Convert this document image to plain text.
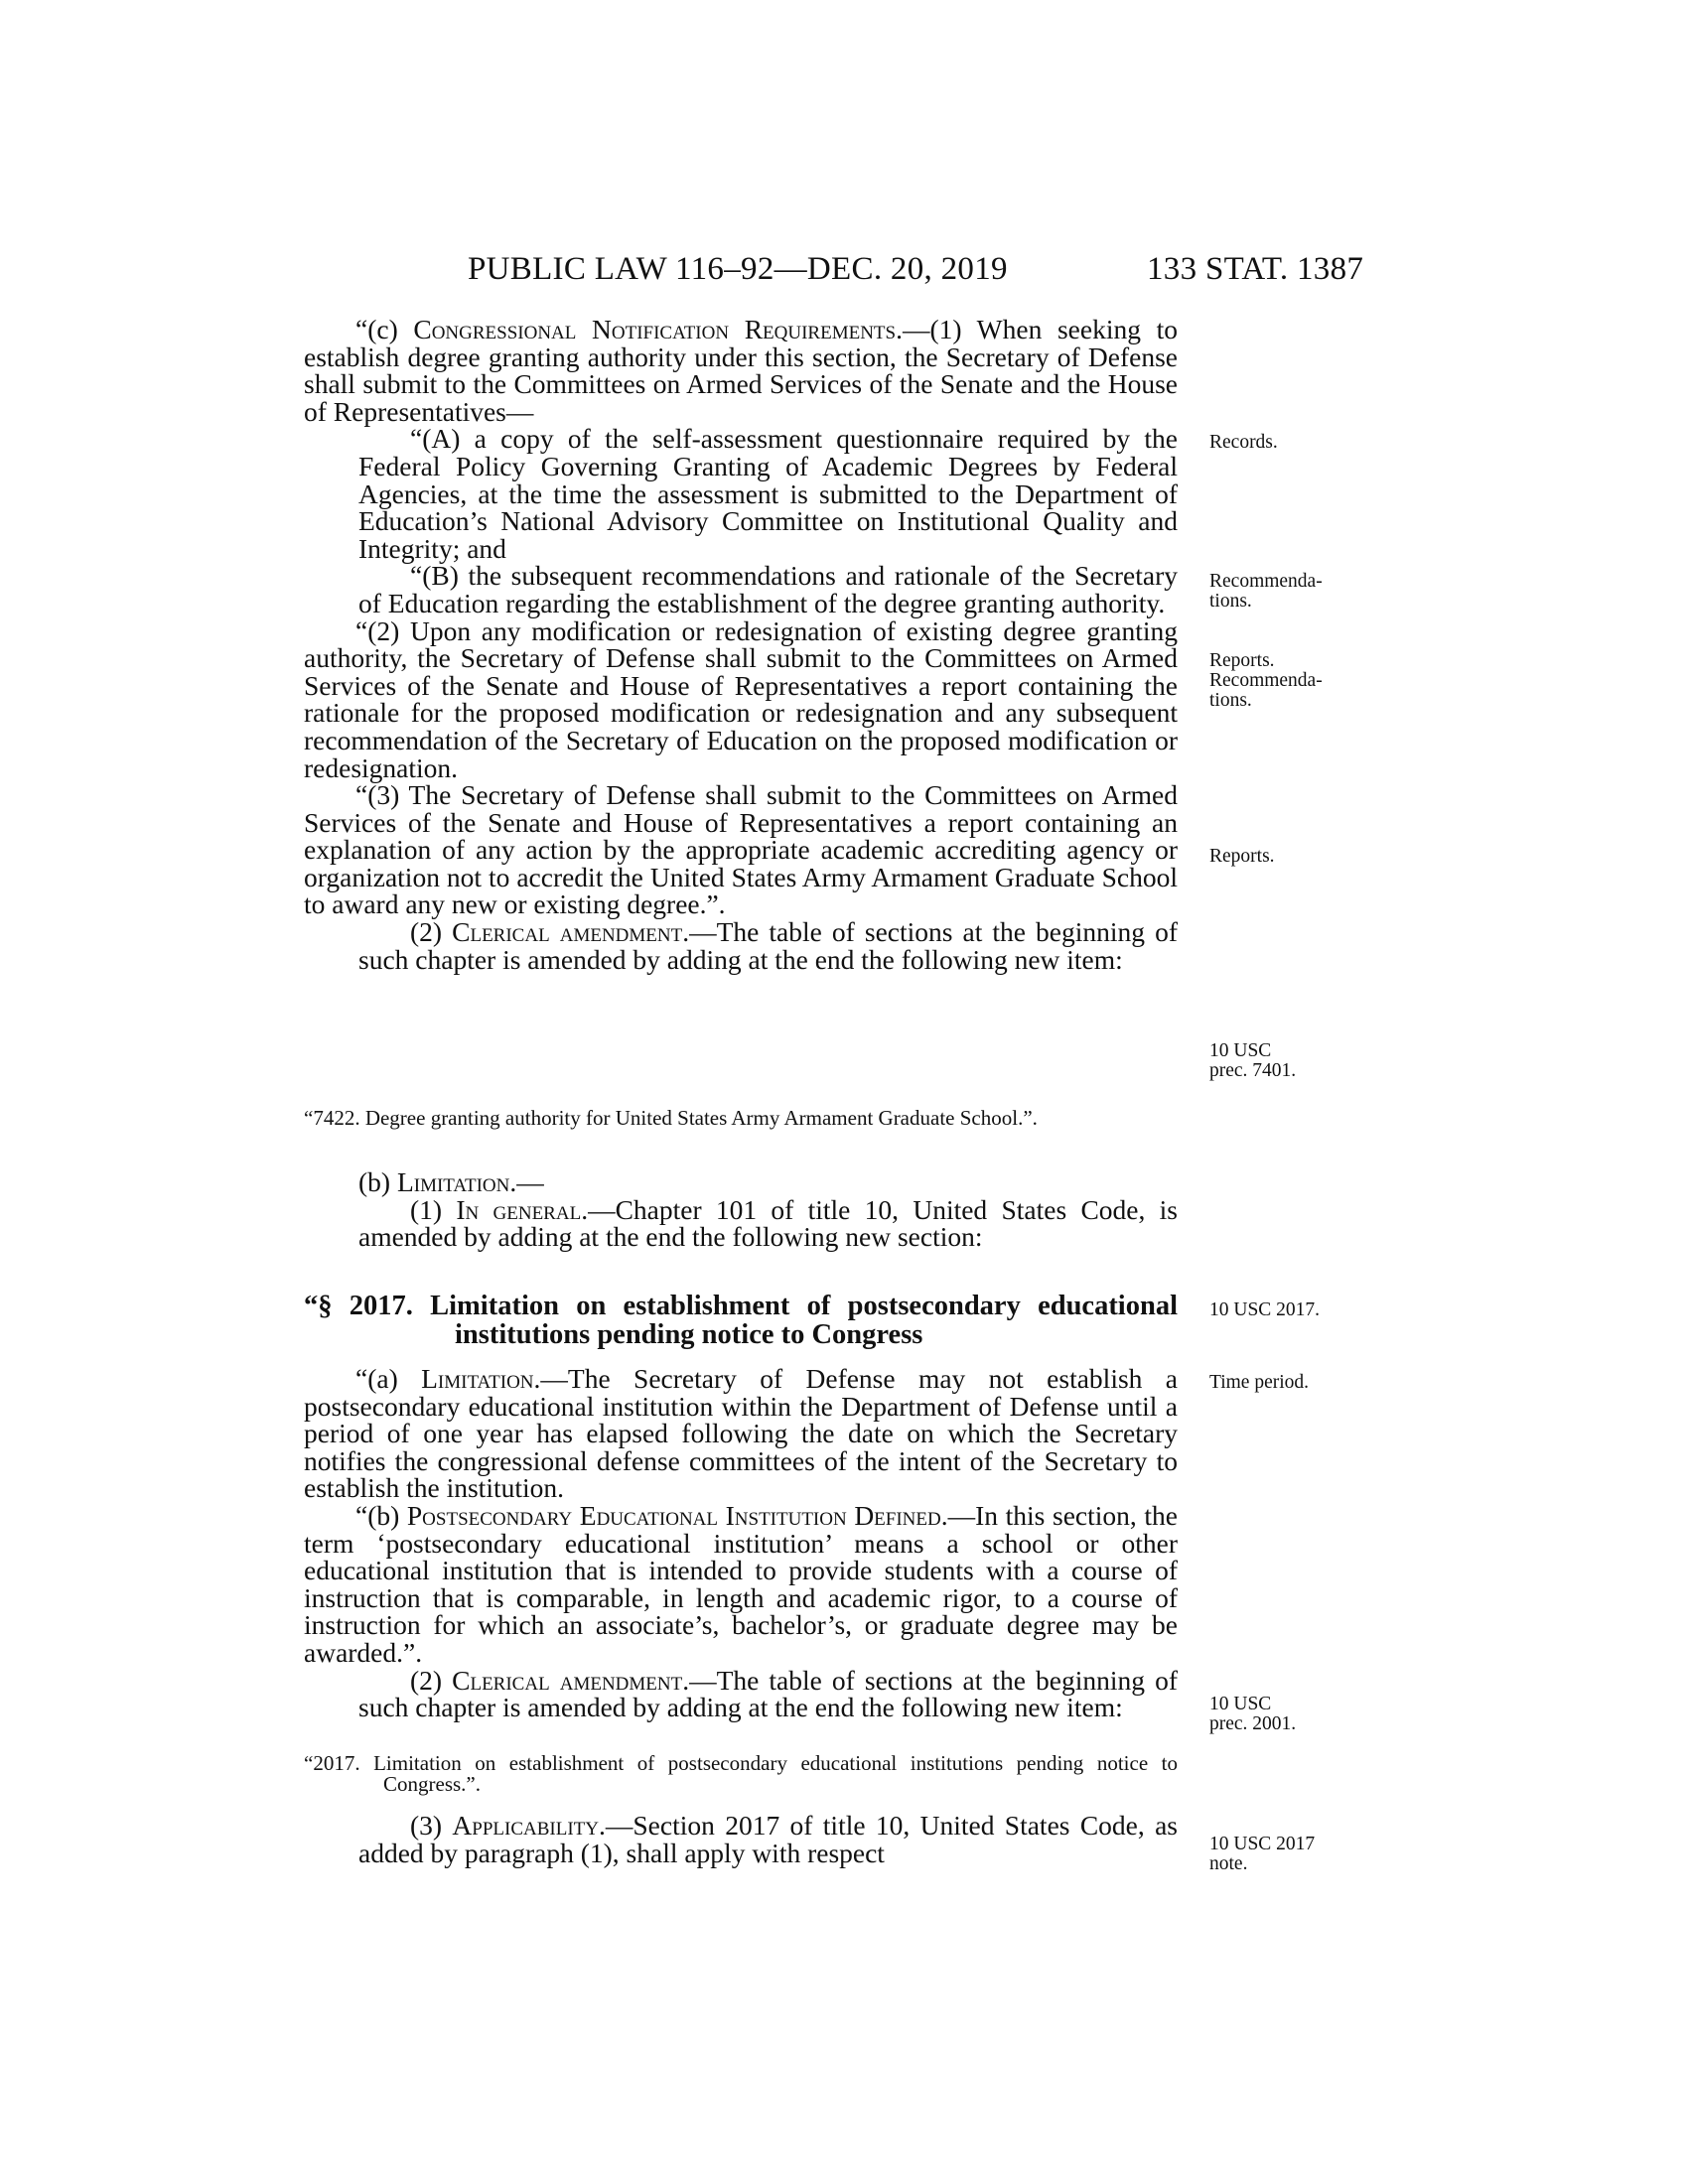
PUBLIC LAW 116–92—DEC. 20, 2019	133 STAT. 1387

“(c) Congressional Notification Requirements.—(1) When seeking to establish degree granting authority under this section, the Secretary of Defense shall submit to the Committees on Armed Services of the Senate and the House of Representatives—

“(A) a copy of the self-assessment questionnaire required by the Federal Policy Governing Granting of Academic Degrees by Federal Agencies, at the time the assessment is submitted to the Department of Education’s National Advisory Committee on Institutional Quality and Integrity; and

“(B) the subsequent recommendations and rationale of the Secretary of Education regarding the establishment of the degree granting authority.

“(2) Upon any modification or redesignation of existing degree granting authority, the Secretary of Defense shall submit to the Committees on Armed Services of the Senate and House of Representatives a report containing the rationale for the proposed modification or redesignation and any subsequent recommendation of the Secretary of Education on the proposed modification or redesignation.

“(3) The Secretary of Defense shall submit to the Committees on Armed Services of the Senate and House of Representatives a report containing an explanation of any action by the appropriate academic accrediting agency or organization not to accredit the United States Army Armament Graduate School to award any new or existing degree.”.

(2) Clerical amendment.—The table of sections at the beginning of such chapter is amended by adding at the end the following new item:

“7422. Degree granting authority for United States Army Armament Graduate School.”.

(b) Limitation.—

(1) In general.—Chapter 101 of title 10, United States Code, is amended by adding at the end the following new section:

“§ 2017. Limitation on establishment of postsecondary educational institutions pending notice to Congress

“(a) Limitation.—The Secretary of Defense may not establish a postsecondary educational institution within the Department of Defense until a period of one year has elapsed following the date on which the Secretary notifies the congressional defense committees of the intent of the Secretary to establish the institution.

“(b) Postsecondary Educational Institution Defined.—In this section, the term ‘postsecondary educational institution’ means a school or other educational institution that is intended to provide students with a course of instruction that is comparable, in length and academic rigor, to a course of instruction for which an associate’s, bachelor’s, or graduate degree may be awarded.”.

(2) Clerical amendment.—The table of sections at the beginning of such chapter is amended by adding at the end the following new item:

“2017. Limitation on establishment of postsecondary educational institutions pending notice to Congress.”.

(3) Applicability.—Section 2017 of title 10, United States Code, as added by paragraph (1), shall apply with respect

Records.
Recommenda-
tions.
Reports.
Recommenda-
tions.
Reports.
10 USC
prec. 7401.
10 USC 2017.
Time period.
10 USC
prec. 2001.
10 USC 2017
note.
